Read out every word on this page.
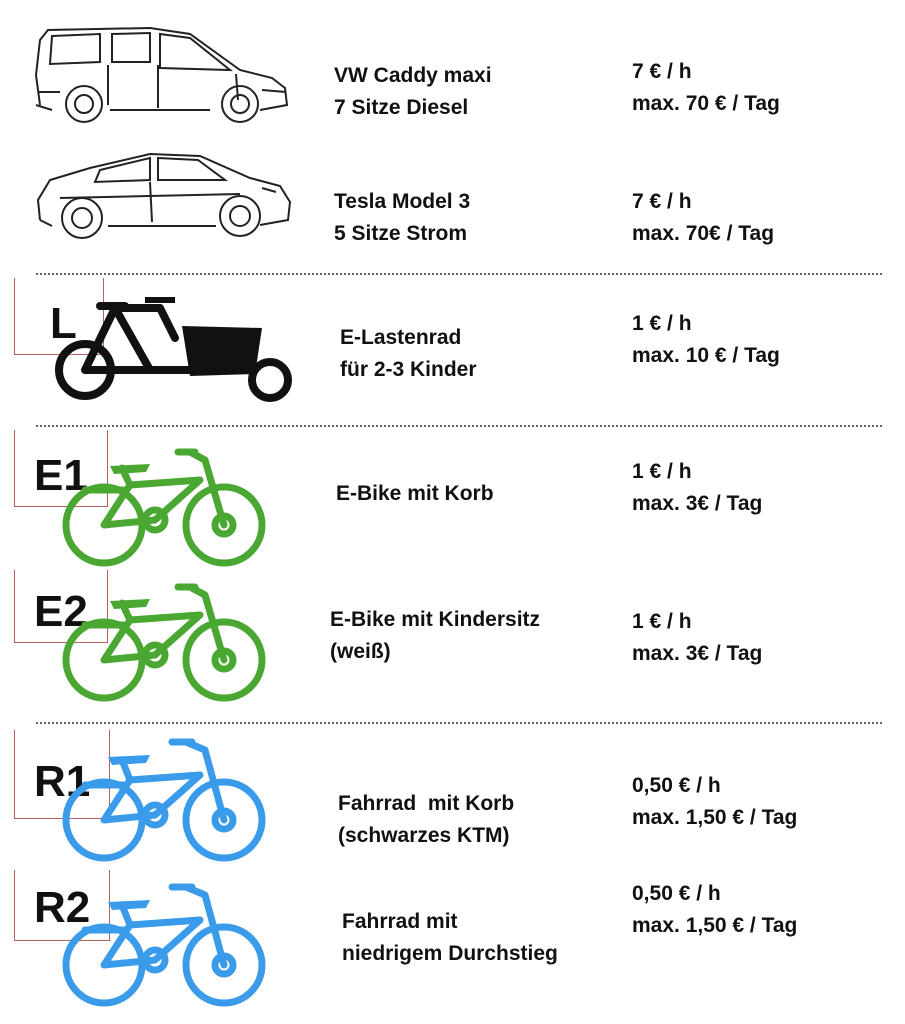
VW Caddy maxi
7 Sitze Diesel
7 € / h
max. 70 € / Tag
Tesla Model 3
5 Sitze Strom
7 € / h
max. 70€ / Tag
L	E-Lastenrad
für 2-3 Kinder
1 € / h
max. 10 € / Tag
E1	E-Bike mit Korb
1 € / h
max. 3€ / Tag
E2	E-Bike mit Kindersitz
(weiß)
1 € / h
max. 3€ / Tag
R1	Fahrrad  mit Korb
(schwarzes KTM)
0,50 € / h
max. 1,50 € / Tag
R2	Fahrrad mit
niedrigem Durchstieg
0,50 € / h
max. 1,50 € / Tag
